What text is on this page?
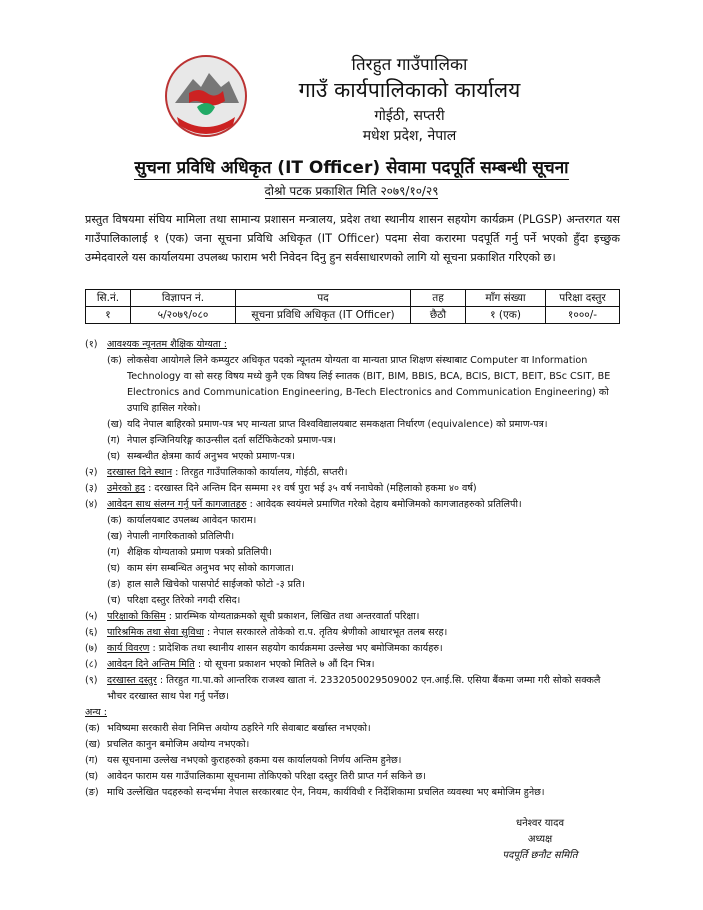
तिरहुत गाउँपालिका
गाउँ कार्यपालिकाको कार्यालय
गोईठी, सप्तरी
मधेश प्रदेश, नेपाल
सुचना प्रविधि अधिकृत (IT Officer) सेवामा पदपूर्ति सम्बन्धी सूचना
दोश्रो पटक प्रकाशित मिति २०७९/१०/२९
प्रस्तुत विषयमा संघिय मामिला तथा सामान्य प्रशासन मन्त्रालय, प्रदेश तथा स्थानीय शासन सहयोग कार्यक्रम (PLGSP) अन्तरगत यस गाउँपालिकालाई १ (एक) जना सूचना प्रविधि अधिकृत (IT Officer) पदमा सेवा करारमा पदपूर्ति गर्नु पर्ने भएको हुँदा इच्छुक उम्मेदवारले यस कार्यालयमा उपलब्ध फाराम भरी निवेदन दिनु हुन सर्वसाधारणको लागि यो सूचना प्रकाशित गरिएको छ।
सि.नं.	विज्ञापन नं.	पद	तह	माँग संख्या	परिक्षा दस्तुर
१	५/२०७९/०८०	सूचना प्रविधि अधिकृत (IT Officer)	छैठौ	१ (एक)	१०००/-
(१) आवश्यक न्यूनतम शैक्षिक योग्यता :
(क) लोकसेवा आयोगले लिने कम्प्युटर अधिकृत पदको न्यूनतम योग्यता वा मान्यता प्राप्त शिक्षण संस्थाबाट Computer वा Information Technology वा सो सरह विषय मध्ये कुनै एक विषय लिई स्नातक (BIT, BIM, BBIS, BCA, BCIS, BICT, BEIT, BSc CSIT, BE Electronics and Communication Engineering, B-Tech Electronics and Communication Engineering) को उपाधि हासिल गरेको।
(ख) यदि नेपाल बाहिरको प्रमाण-पत्र भए मान्यता प्राप्त विश्वविद्यालयबाट समकक्षता निर्धारण (equivalence) को प्रमाण-पत्र।
(ग) नेपाल इन्जिनियरिङ्ग काउन्सील दर्ता सर्टिफिकेटको प्रमाण-पत्र।
(घ) सम्बन्धीत क्षेत्रमा कार्य अनुभव भएको प्रमाण-पत्र।
(२) दरखास्त दिने स्थान : तिरहुत गाउँपालिकाको कार्यालय, गोईठी, सप्तरी।
(३) उमेरको हद : दरखास्त दिने अन्तिम दिन सम्ममा २१ वर्ष पुरा भई ३५ वर्ष ननाघेको (महिलाको हकमा ४० वर्ष)
(४) आवेदन साथ संलग्न गर्नु पर्ने कागजातहरु : आवेदक स्वयंमले प्रमाणित गरेको देहाय बमोजिमको कागजातहरुको प्रतिलिपी।
(क) कार्यालयबाट उपलब्ध आवेदन फाराम।
(ख) नेपाली नागरिकताको प्रतिलिपी।
(ग) शैक्षिक योग्यताको प्रमाण पत्रको प्रतिलिपी।
(घ) काम संग सम्बन्धित अनुभव भए सोको कागजात।
(ङ) हाल सालै खिचेको पासपोर्ट साईजको फोटो -३ प्रति।
(च) परिक्षा दस्तुर तिरेको नगदी रसिद।
(५) परिक्षाको किसिम : प्रारम्भिक योग्यताक्रमको सूची प्रकाशन, लिखित तथा अन्तरवार्ता परिक्षा।
(६) पारिश्रमिक तथा सेवा सुविधा : नेपाल सरकारले तोकेको रा.प. तृतिय श्रेणीको आधारभूत तलब सरह।
(७) कार्य विवरण : प्रादेशिक तथा स्थानीय शासन सहयोग कार्यक्रममा उल्लेख भए बमोजिमका कार्यहरु।
(८) आवेदन दिने अन्तिम मिति : यो सूचना प्रकाशन भएको मितिले ७ औं दिन भित्र।
(९) दरखास्त दस्तुर : तिरहुत गा.पा.को आन्तरिक राजश्व खाता नं. 2332050029509002 एन.आई.सि. एसिया बैंकमा जम्मा गरी सोको सक्कलै भौचर दरखास्त साथ पेश गर्नु पर्नेछ।
अन्य :
(क) भविष्यमा सरकारी सेवा निमित्त अयोग्य ठहरिने गरि सेवाबाट बर्खास्त नभएको।
(ख) प्रचलित कानुन बमोजिम अयोग्य नभएको।
(ग) यस सूचनामा उल्लेख नभएको कुराहरुको हकमा यस कार्यालयको निर्णय अन्तिम हुनेछ।
(घ) आवेदन फाराम यस गाउँपालिकामा सूचनामा तोकिएको परिक्षा दस्तुर तिरी प्राप्त गर्न सकिने छ।
(ङ) माथि उल्लेखित पदहरुको सन्दर्भमा नेपाल सरकारबाट ऐन, नियम, कार्यविधी र निर्देशिकामा प्रचलित व्यवस्था भए बमोजिम हुनेछ।
धनेश्वर यादव
अध्यक्ष
पदपूर्ति छनौट समिति
